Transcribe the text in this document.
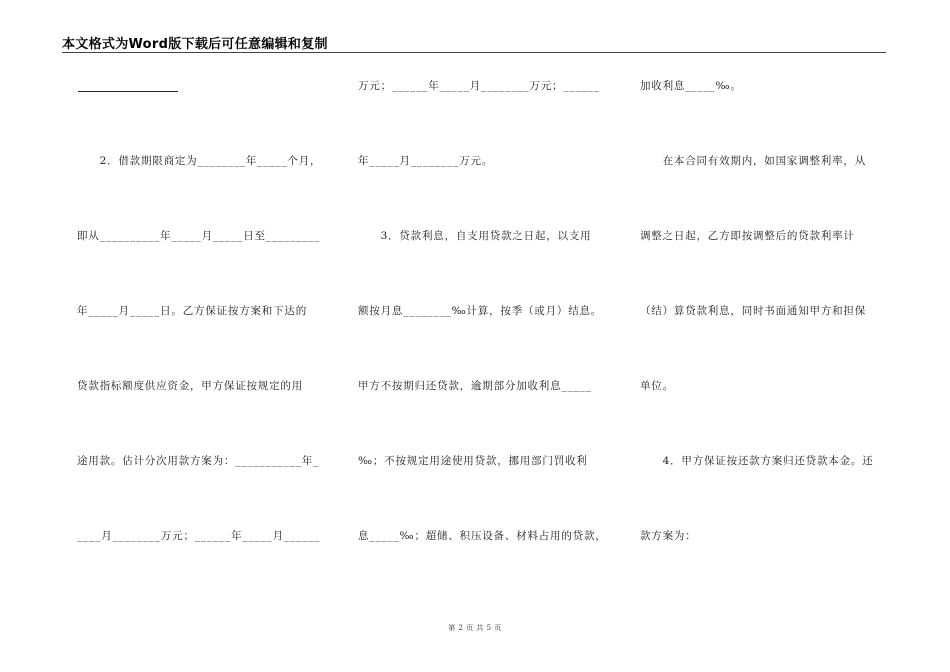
本文格式为Word版下载后可任意编辑和复制
　　2．借款期限商定为________年_____个月，
即从__________年_____月_____日至_________
年_____月_____日。乙方保证按方案和下达的
贷款指标额度供应资金，甲方保证按规定的用
途用款。估计分次用款方案为：___________年_
____月________万元；______年_____月______
万元；______年_____月________万元；______
年_____月________万元。
　　3．贷款利息，自支用贷款之日起，以支用
额按月息________‰计算，按季（或月）结息。
甲方不按期归还贷款，逾期部分加收利息_____
‰；不按规定用途使用贷款，挪用部门罚收利
息_____‰；超储、积压设备、材料占用的贷款，
加收利息_____‰。
　　在本合同有效期内，如国家调整利率，从
调整之日起，乙方即按调整后的贷款利率计
（结）算贷款利息，同时书面通知甲方和担保
单位。
　　4．甲方保证按还款方案归还贷款本金。还
款方案为：
第 2 页 共 5 页
